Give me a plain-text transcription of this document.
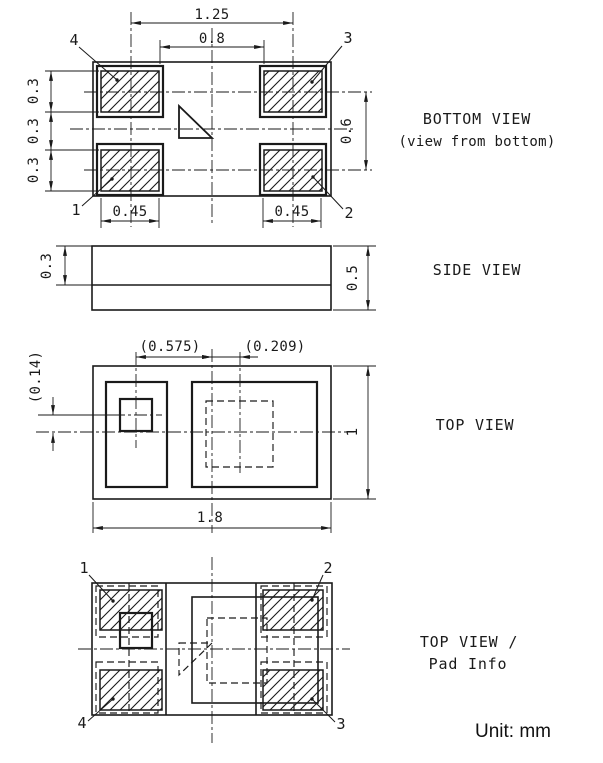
1.25
0.8
0.45	0.45
0.3
0.3
0.3
0.6
4	3
1	2
BOTTOM VIEW
(view from bottom)
0.3	0.5	SIDE VIEW
(0.575)	(0.209)
(0.14)
1.8
1	TOP VIEW
1	2
4	3
TOP VIEW /
Pad Info
Unit: mm
